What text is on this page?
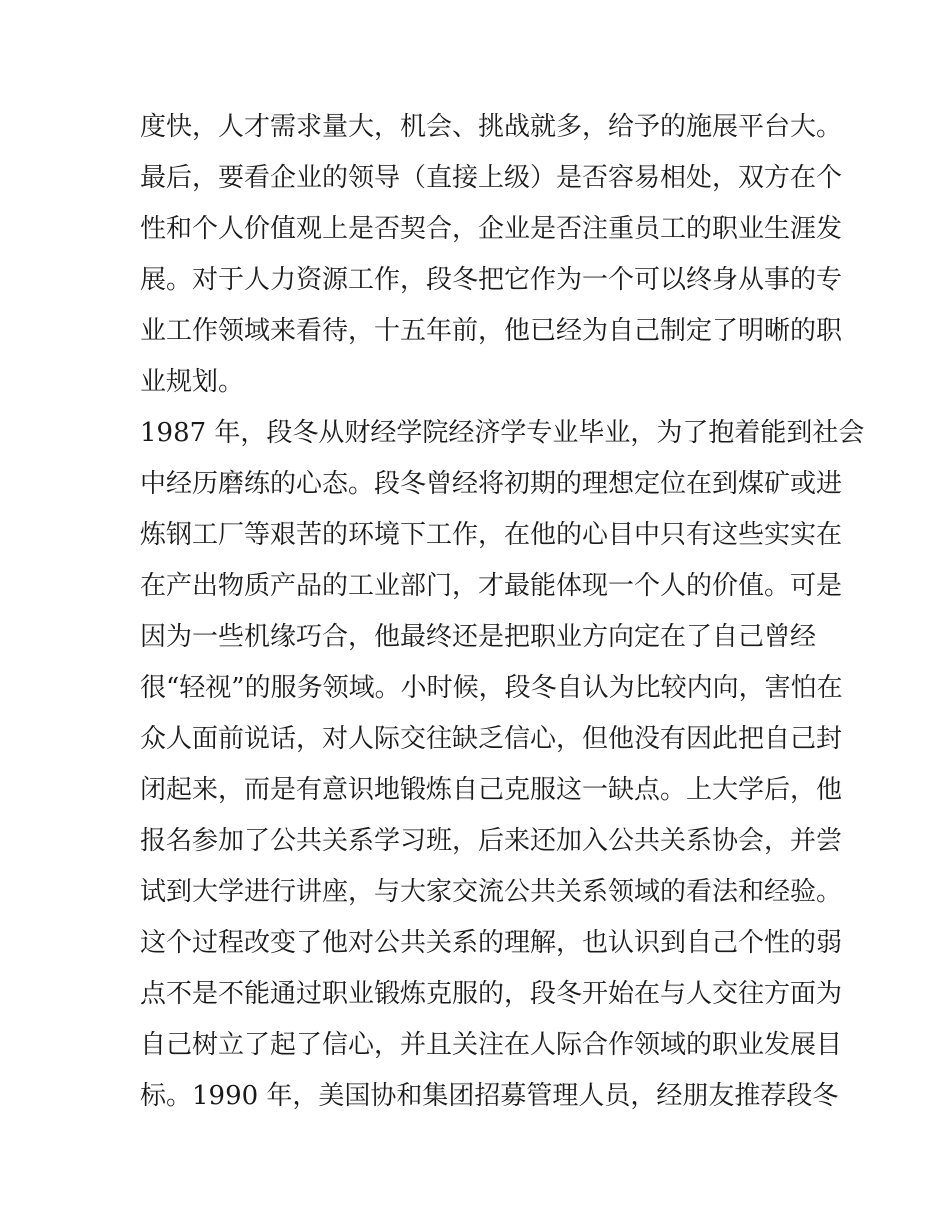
度快，人才需求量大，机会、挑战就多，给予的施展平台大。
最后，要看企业的领导（直接上级）是否容易相处，双方在个
性和个人价值观上是否契合，企业是否注重员工的职业生涯发
展。对于人力资源工作，段冬把它作为一个可以终身从事的专
业工作领域来看待，十五年前，他已经为自己制定了明晰的职
业规划。
1987 年，段冬从财经学院经济学专业毕业，为了抱着能到社会
中经历磨练的心态。段冬曾经将初期的理想定位在到煤矿或进
炼钢工厂等艰苦的环境下工作，在他的心目中只有这些实实在
在产出物质产品的工业部门，才最能体现一个人的价值。可是
因为一些机缘巧合，他最终还是把职业方向定在了自己曾经
很“轻视”的服务领域。小时候，段冬自认为比较内向，害怕在
众人面前说话，对人际交往缺乏信心，但他没有因此把自己封
闭起来，而是有意识地锻炼自己克服这一缺点。上大学后，他
报名参加了公共关系学习班，后来还加入公共关系协会，并尝
试到大学进行讲座，与大家交流公共关系领域的看法和经验。
这个过程改变了他对公共关系的理解，也认识到自己个性的弱
点不是不能通过职业锻炼克服的，段冬开始在与人交往方面为
自己树立了起了信心，并且关注在人际合作领域的职业发展目
标。1990 年，美国协和集团招募管理人员，经朋友推荐段冬
